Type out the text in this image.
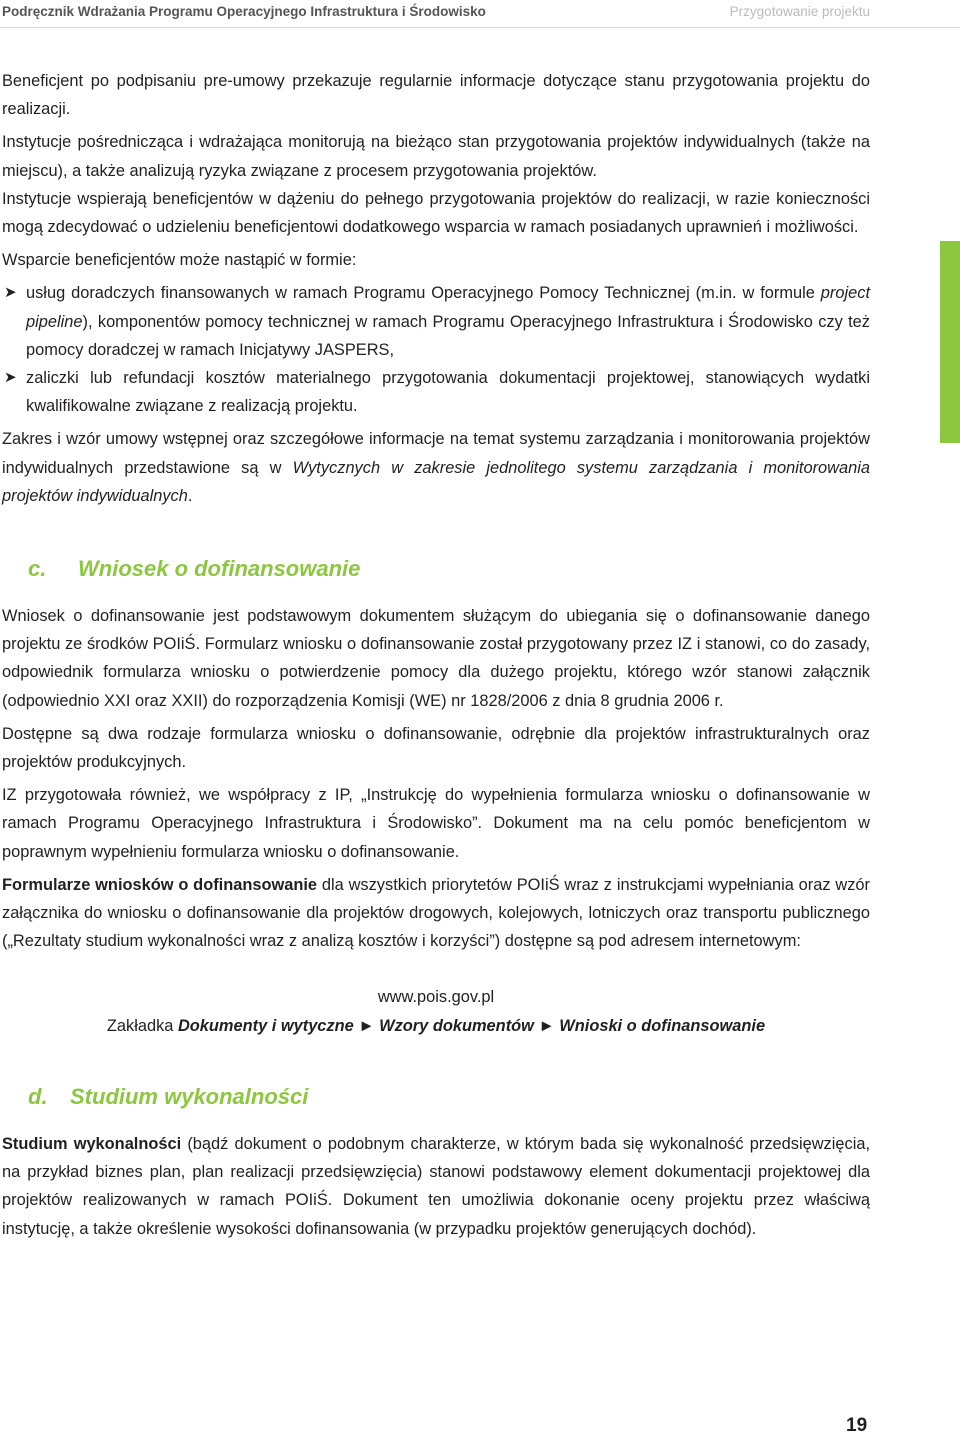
Podręcznik Wdrażania Programu Operacyjnego Infrastruktura i Środowisko	Przygotowanie projektu

Beneficjent po podpisaniu pre-umowy przekazuje regularnie informacje dotyczące stanu przygotowania projektu do realizacji.

Instytucje pośrednicząca i wdrażająca monitorują na bieżąco stan przygotowania projektów indywidualnych (także na miejscu), a także analizują ryzyka związane z procesem przygotowania projektów.

Instytucje wspierają beneficjentów w dążeniu do pełnego przygotowania projektów do realizacji, w razie konieczności mogą zdecydować o udzieleniu beneficjentowi dodatkowego wsparcia w ramach posiadanych uprawnień i możliwości.

Wsparcie beneficjentów może nastąpić w formie:

➤ usług doradczych finansowanych w ramach Programu Operacyjnego Pomocy Technicznej (m.in. w formule project pipeline), komponentów pomocy technicznej w ramach Programu Operacyjnego Infrastruktura i Środowisko czy też pomocy doradczej w ramach Inicjatywy JASPERS,
➤ zaliczki lub refundacji kosztów materialnego przygotowania dokumentacji projektowej, stanowiących wydatki kwalifikowalne związane z realizacją projektu.

Zakres i wzór umowy wstępnej oraz szczegółowe informacje na temat systemu zarządzania i monitorowania projektów indywidualnych przedstawione są w Wytycznych w zakresie jednolitego systemu zarządzania i monitorowania projektów indywidualnych.

c. Wniosek o dofinansowanie

Wniosek o dofinansowanie jest podstawowym dokumentem służącym do ubiegania się o dofinansowanie danego projektu ze środków POIiŚ. Formularz wniosku o dofinansowanie został przygotowany przez IZ i stanowi, co do zasady, odpowiednik formularza wniosku o potwierdzenie pomocy dla dużego projektu, którego wzór stanowi załącznik (odpowiednio XXI oraz XXII) do rozporządzenia Komisji (WE) nr 1828/2006 z dnia 8 grudnia 2006 r.

Dostępne są dwa rodzaje formularza wniosku o dofinansowanie, odrębnie dla projektów infrastrukturalnych oraz projektów produkcyjnych.

IZ przygotowała również, we współpracy z IP, „Instrukcję do wypełnienia formularza wniosku o dofinansowanie w ramach Programu Operacyjnego Infrastruktura i Środowisko”. Dokument ma na celu pomóc beneficjentom w poprawnym wypełnieniu formularza wniosku o dofinansowanie.

Formularze wniosków o dofinansowanie dla wszystkich priorytetów POIiŚ wraz z instrukcjami wypełniania oraz wzór załącznika do wniosku o dofinansowanie dla projektów drogowych, kolejowych, lotniczych oraz transportu publicznego („Rezultaty studium wykonalności wraz z analizą kosztów i korzyści”) dostępne są pod adresem internetowym:

www.pois.gov.pl

Zakładka Dokumenty i wytyczne ► Wzory dokumentów ► Wnioski o dofinansowanie

d. Studium wykonalności

Studium wykonalności (bądź dokument o podobnym charakterze, w którym bada się wykonalność przedsięwzięcia, na przykład biznes plan, plan realizacji przedsięwzięcia) stanowi podstawowy element dokumentacji projektowej dla projektów realizowanych w ramach POIiŚ. Dokument ten umożliwia dokonanie oceny projektu przez właściwą instytucję, a także określenie wysokości dofinansowania (w przypadku projektów generujących dochód).

19
